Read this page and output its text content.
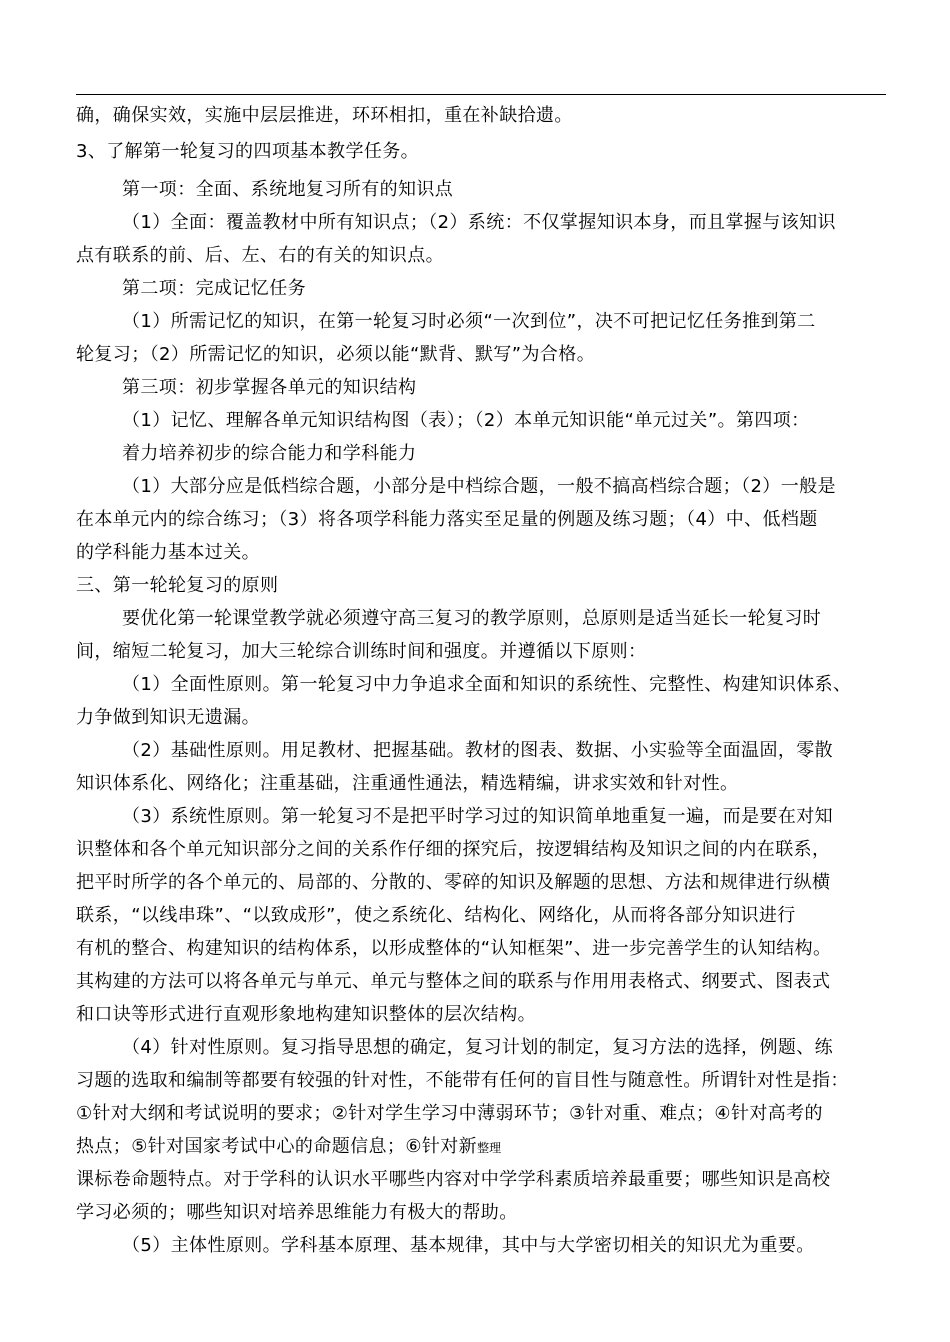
确，确保实效，实施中层层推进，环环相扣，重在补缺拾遗。
3、了解第一轮复习的四项基本教学任务。
第一项：全面、系统地复习所有的知识点
（1）全面：覆盖教材中所有知识点；（2）系统：不仅掌握知识本身，而且掌握与该知识
点有联系的前、后、左、右的有关的知识点。
第二项：完成记忆任务
（1）所需记忆的知识，在第一轮复习时必须“一次到位”，决不可把记忆任务推到第二
轮复习；（2）所需记忆的知识，必须以能“默背、默写”为合格。
第三项：初步掌握各单元的知识结构
（1）记忆、理解各单元知识结构图（表）；（2）本单元知识能“单元过关”。第四项：
着力培养初步的综合能力和学科能力
（1）大部分应是低档综合题，小部分是中档综合题，一般不搞高档综合题；（2）一般是
在本单元内的综合练习；（3）将各项学科能力落实至足量的例题及练习题；（4）中、低档题
的学科能力基本过关。
三、第一轮轮复习的原则
要优化第一轮课堂教学就必须遵守高三复习的教学原则，总原则是适当延长一轮复习时
间，缩短二轮复习，加大三轮综合训练时间和强度。并遵循以下原则：
（1）全面性原则。第一轮复习中力争追求全面和知识的系统性、完整性、构建知识体系、
力争做到知识无遗漏。
（2）基础性原则。用足教材、把握基础。教材的图表、数据、小实验等全面温固，零散
知识体系化、网络化；注重基础，注重通性通法，精选精编，讲求实效和针对性。
（3）系统性原则。第一轮复习不是把平时学习过的知识简单地重复一遍，而是要在对知
识整体和各个单元知识部分之间的关系作仔细的探究后，按逻辑结构及知识之间的内在联系，
把平时所学的各个单元的、局部的、分散的、零碎的知识及解题的思想、方法和规律进行纵横
联系，“以线串珠”、“以致成形”，使之系统化、结构化、网络化，从而将各部分知识进行
有机的整合、构建知识的结构体系，以形成整体的“认知框架”、进一步完善学生的认知结构。
其构建的方法可以将各单元与单元、单元与整体之间的联系与作用用表格式、纲要式、图表式
和口诀等形式进行直观形象地构建知识整体的层次结构。
（4）针对性原则。复习指导思想的确定，复习计划的制定，复习方法的选择，例题、练
习题的选取和编制等都要有较强的针对性，不能带有任何的盲目性与随意性。所谓针对性是指：
①针对大纲和考试说明的要求；②针对学生学习中薄弱环节；③针对重、难点；④针对高考的
热点；⑤针对国家考试中心的命题信息；⑥针对新整理
课标卷命题特点。对于学科的认识水平哪些内容对中学学科素质培养最重要；哪些知识是高校
学习必须的；哪些知识对培养思维能力有极大的帮助。
（5）主体性原则。学科基本原理、基本规律，其中与大学密切相关的知识尤为重要。
